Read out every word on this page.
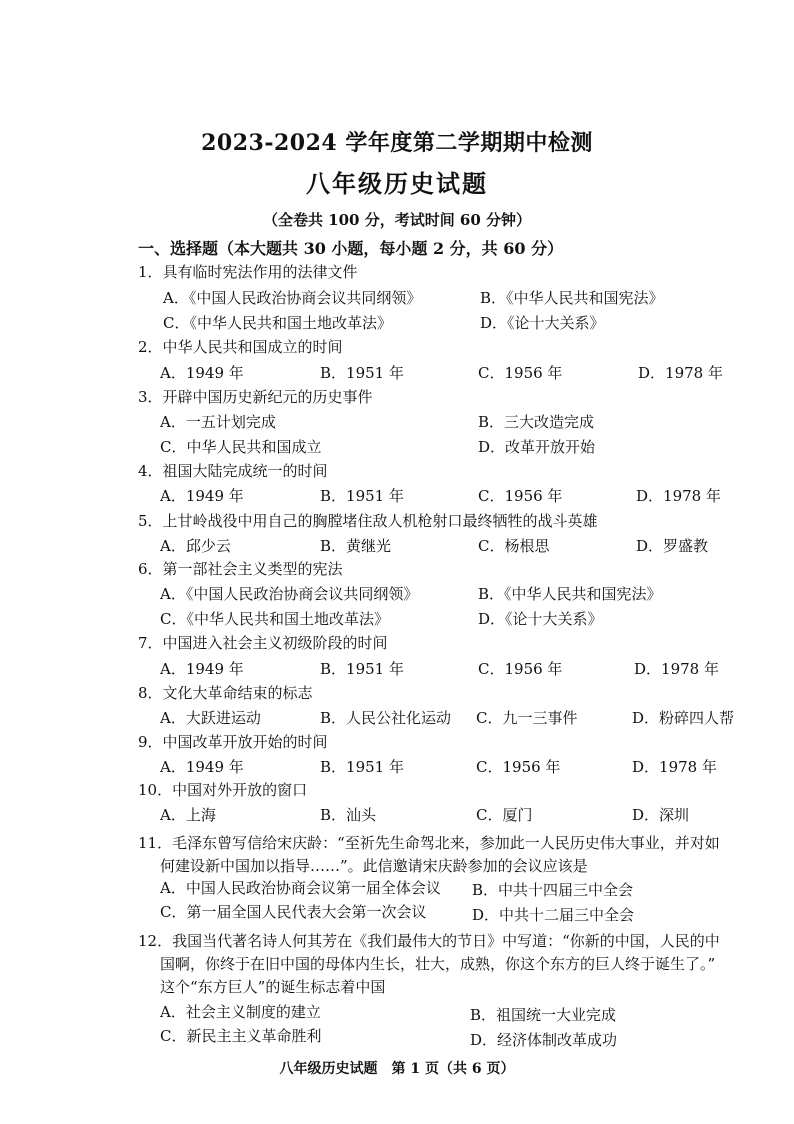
2023-2024 学年度第二学期期中检测
八年级历史试题
（全卷共 100 分，考试时间 60 分钟）
一、选择题（本大题共 30 小题，每小题 2 分，共 60 分）
1．具有临时宪法作用的法律文件
A．《中国人民政治协商会议共同纲领》	B．《中华人民共和国宪法》
C．《中华人民共和国土地改革法》	D．《论十大关系》
2．中华人民共和国成立的时间
A．1949 年	B．1951 年	C．1956 年	D．1978 年
3．开辟中国历史新纪元的历史事件
A．一五计划完成	B．三大改造完成
C．中华人民共和国成立	D．改革开放开始
4．祖国大陆完成统一的时间
A．1949 年	B．1951 年	C．1956 年	D．1978 年
5．上甘岭战役中用自己的胸膛堵住敌人机枪射口最终牺牲的战斗英雄
A．邱少云	B．黄继光	C．杨根思	D．罗盛教
6．第一部社会主义类型的宪法
A．《中国人民政治协商会议共同纲领》	B．《中华人民共和国宪法》
C．《中华人民共和国土地改革法》	D．《论十大关系》
7．中国进入社会主义初级阶段的时间
A．1949 年	B．1951 年	C．1956 年	D．1978 年
8．文化大革命结束的标志
A．大跃进运动	B．人民公社化运动 C．九一三事件	D．粉碎四人帮
9．中国改革开放开始的时间
A．1949 年	B．1951 年	C．1956 年	D．1978 年
10．中国对外开放的窗口
A．上海	B．汕头	C．厦门	D．深圳
11．毛泽东曾写信给宋庆龄：“至祈先生命驾北来，参加此一人民历史伟大事业，并对如
何建设新中国加以指导……”。此信邀请宋庆龄参加的会议应该是
A．中国人民政治协商会议第一届全体会议 B．中共十四届三中全会
C．第一届全国人民代表大会第一次会议	D．中共十二届三中全会
12．我国当代著名诗人何其芳在《我们最伟大的节日》中写道：“你新的中国，人民的中
国啊，你终于在旧中国的母体内生长，壮大，成熟，你这个东方的巨人终于诞生了。”
这个“东方巨人”的诞生标志着中国
A．社会主义制度的建立	B．祖国统一大业完成
C．新民主主义革命胜利	D．经济体制改革成功
八年级历史试题　第 1 页（共 6 页）
